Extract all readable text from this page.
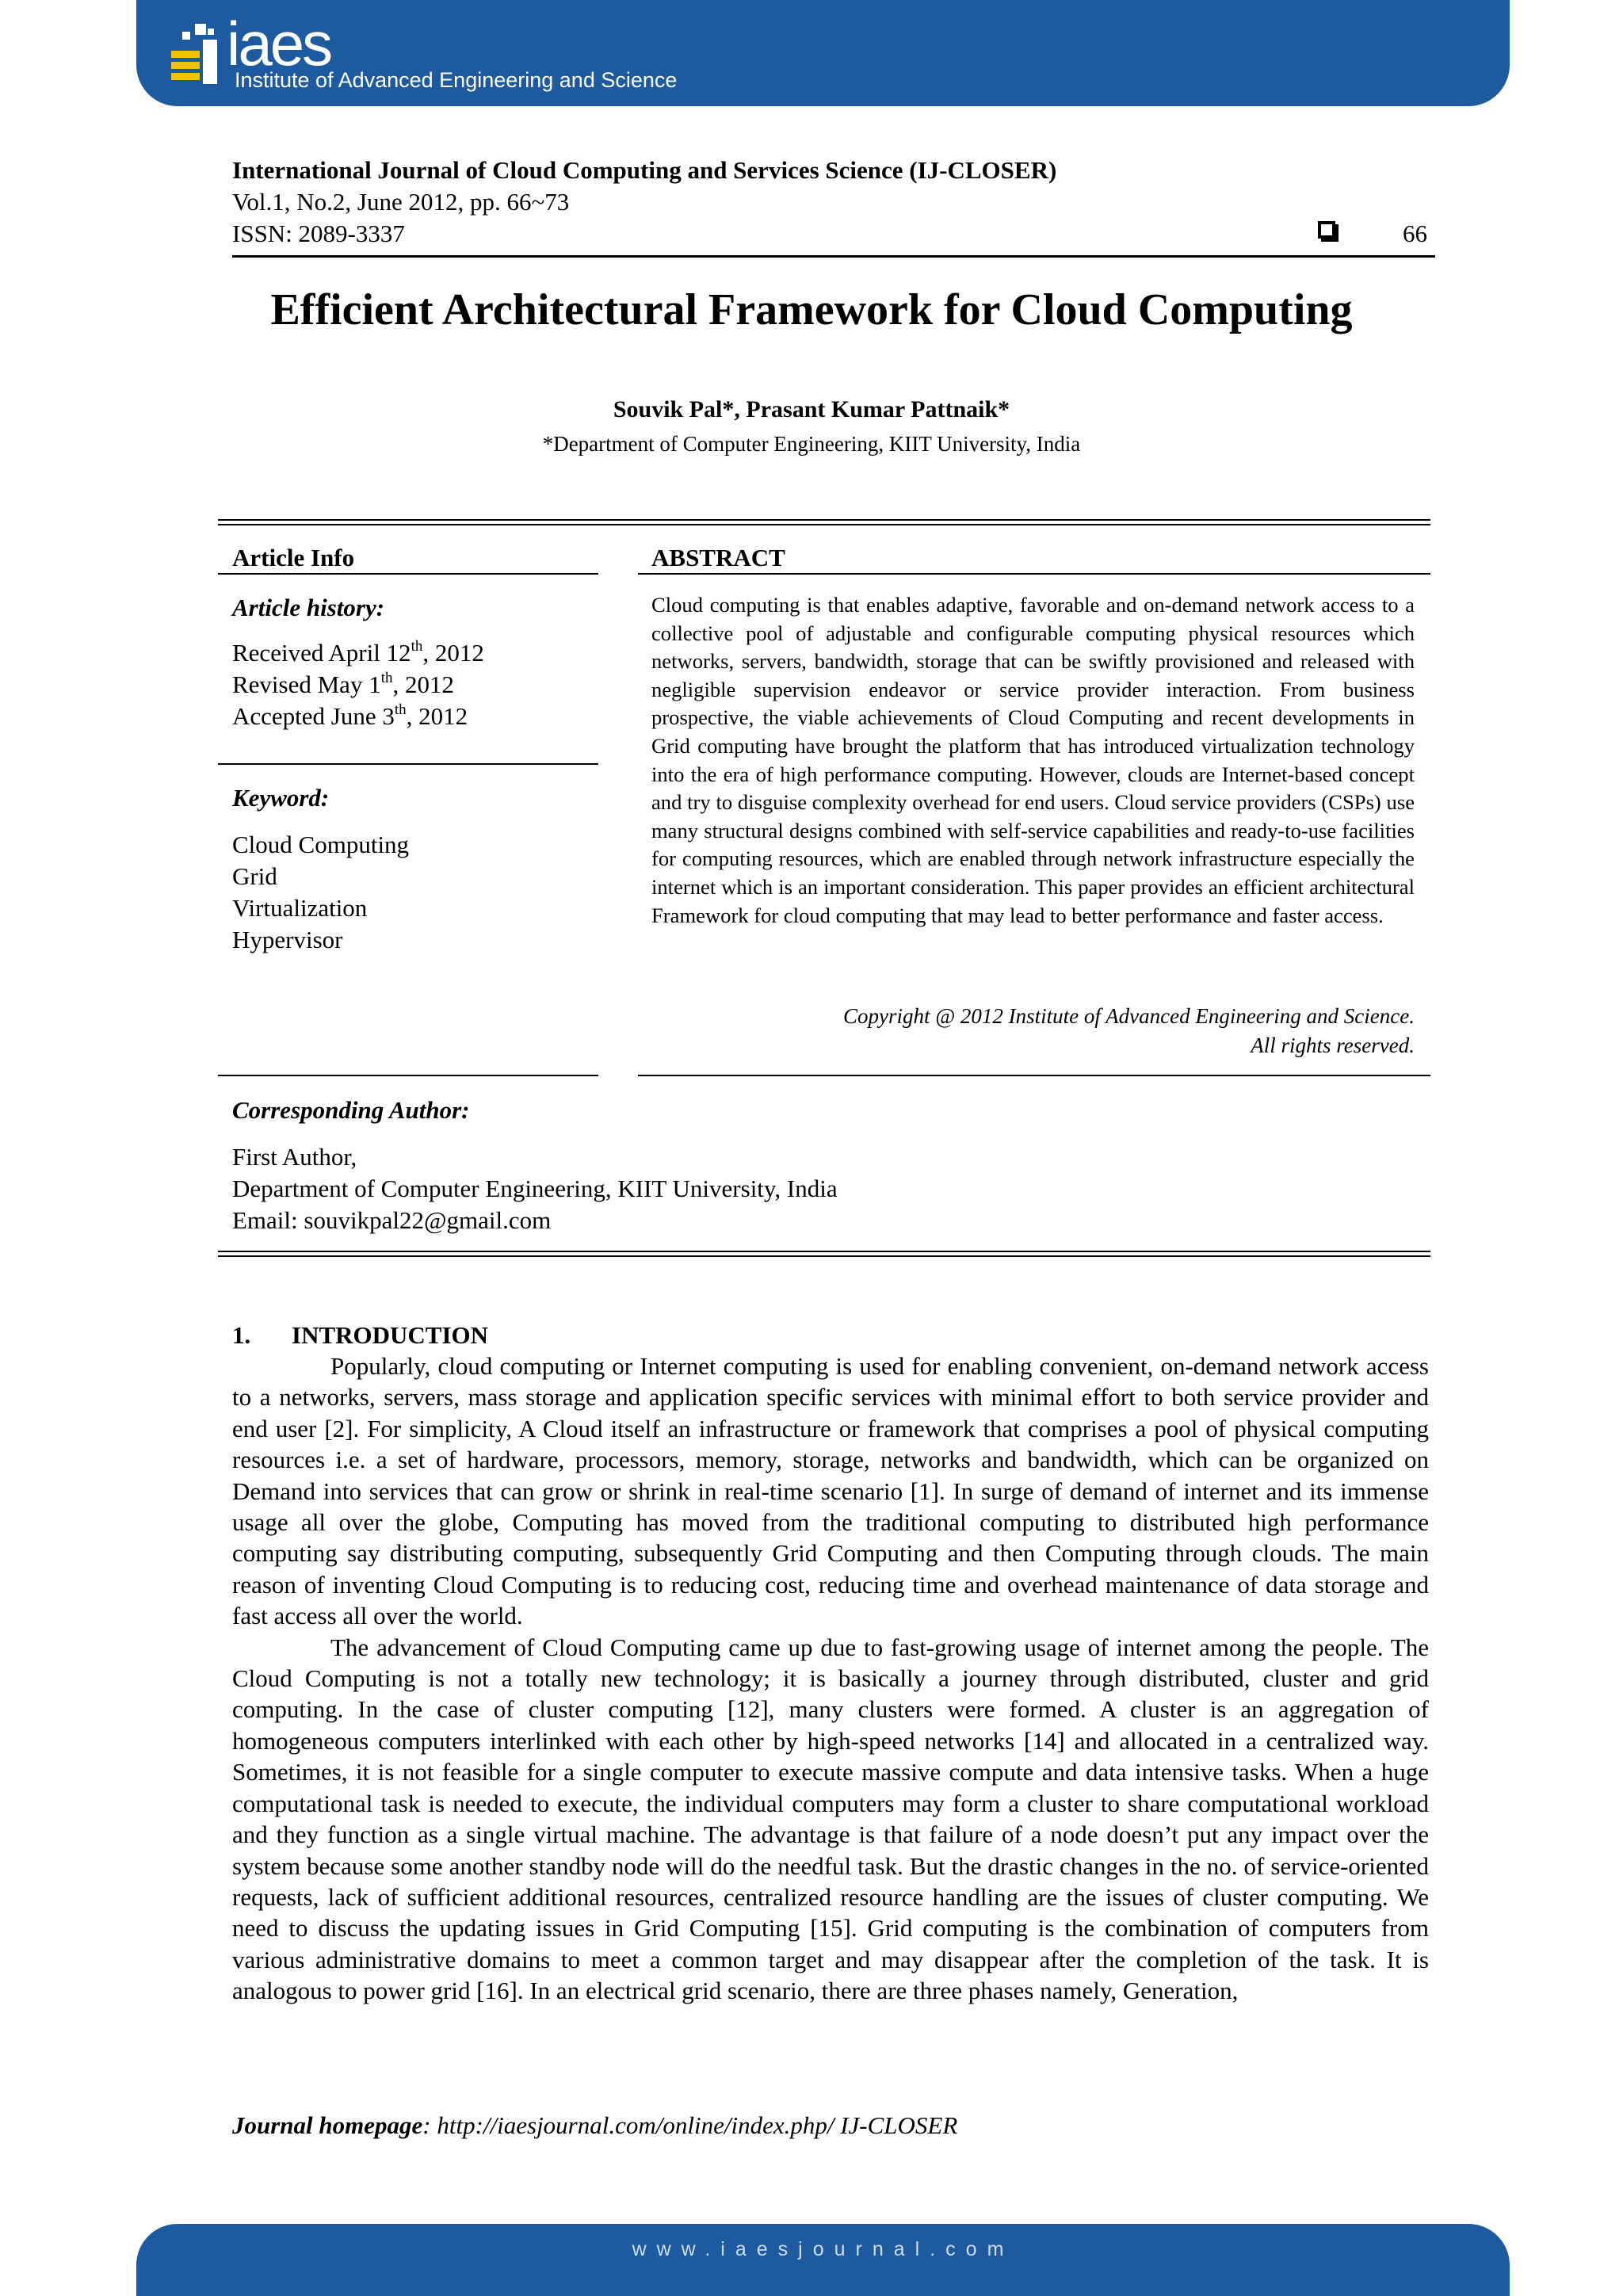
iaes
Institute of Advanced Engineering and Science
International Journal of Cloud Computing and Services Science (IJ-CLOSER)
Vol.1, No.2, June 2012, pp. 66~73
ISSN: 2089-3337	66
Efficient Architectural Framework for Cloud Computing
Souvik Pal*, Prasant Kumar Pattnaik*
*Department of Computer Engineering, KIIT University, India
Article Info	ABSTRACT
Article history:
Received April 12th, 2012
Revised May 1th, 2012
Accepted June 3th, 2012
Keyword:
Cloud Computing
Grid
Virtualization
Hypervisor
Cloud computing is that enables adaptive, favorable and on-demand network access to a collective pool of adjustable and configurable computing physical resources which networks, servers, bandwidth, storage that can be swiftly provisioned and released with negligible supervision endeavor or service provider interaction. From business prospective, the viable achievements of Cloud Computing and recent developments in Grid computing have brought the platform that has introduced virtualization technology into the era of high performance computing. However, clouds are Internet-based concept and try to disguise complexity overhead for end users. Cloud service providers (CSPs) use many structural designs combined with self-service capabilities and ready-to-use facilities for computing resources, which are enabled through network infrastructure especially the internet which is an important consideration. This paper provides an efficient architectural Framework for cloud computing that may lead to better performance and faster access.
Copyright @ 2012 Institute of Advanced Engineering and Science.
All rights reserved.
Corresponding Author:
First Author,
Department of Computer Engineering, KIIT University, India
Email: souvikpal22@gmail.com
1. INTRODUCTION

Popularly, cloud computing or Internet computing is used for enabling convenient, on-demand network access to a networks, servers, mass storage and application specific services with minimal effort to both service provider and end user [2]. For simplicity, A Cloud itself an infrastructure or framework that comprises a pool of physical computing resources i.e. a set of hardware, processors, memory, storage, networks and bandwidth, which can be organized on Demand into services that can grow or shrink in real-time scenario [1]. In surge of demand of internet and its immense usage all over the globe, Computing has moved from the traditional computing to distributed high performance computing say distributing computing, subsequently Grid Computing and then Computing through clouds. The main reason of inventing Cloud Computing is to reducing cost, reducing time and overhead maintenance of data storage and fast access all over the world.

The advancement of Cloud Computing came up due to fast-growing usage of internet among the people. The Cloud Computing is not a totally new technology; it is basically a journey through distributed, cluster and grid computing. In the case of cluster computing [12], many clusters were formed. A cluster is an aggregation of homogeneous computers interlinked with each other by high-speed networks [14] and allocated in a centralized way. Sometimes, it is not feasible for a single computer to execute massive compute and data intensive tasks. When a huge computational task is needed to execute, the individual computers may form a cluster to share computational workload and they function as a single virtual machine. The advantage is that failure of a node doesn’t put any impact over the system because some another standby node will do the needful task. But the drastic changes in the no. of service-oriented requests, lack of sufficient additional resources, centralized resource handling are the issues of cluster computing. We need to discuss the updating issues in Grid Computing [15]. Grid computing is the combination of computers from various administrative domains to meet a common target and may disappear after the completion of the task. It is analogous to power grid [16]. In an electrical grid scenario, there are three phases namely, Generation,

Journal homepage: http://iaesjournal.com/online/index.php/ IJ-CLOSER
www.iaesjournal.com
